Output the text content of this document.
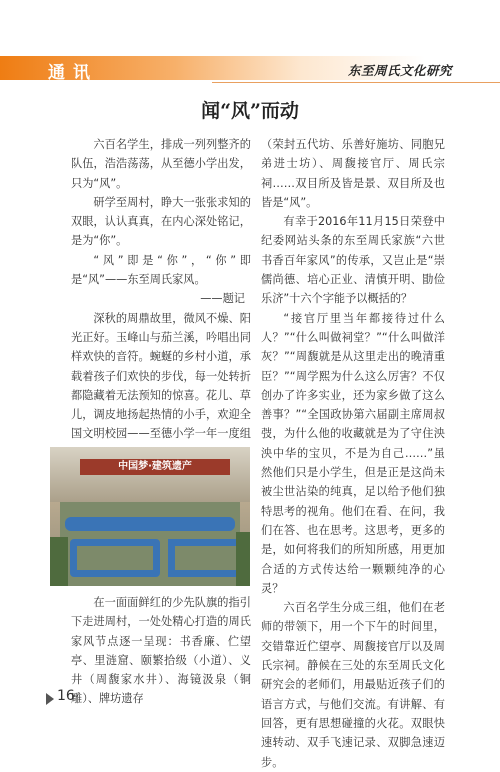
通讯	东至周氏文化研究
闻“风”而动

六百名学生，排成一列列整齐的队伍，浩浩荡荡，从至德小学出发，只为“风”。

研学至周村，睁大一张张求知的双眼，认认真真，在内心深处铭记，是为“你”。

“风”即是“你”，“你”即是“风”——东至周氏家风。

——题记

深秋的周鼎故里，微风不燥、阳光正好。玉峰山与茄兰溪，吟唱出同样欢快的音符。蜿蜒的乡村小道，承载着孩子们欢快的步伐，每一处转折都隐藏着无法预知的惊喜。花儿、草儿，调皮地扬起热情的小手，欢迎全国文明校园——至德小学一年一度组

中国梦·建筑遗产

在一面面鲜红的少先队旗的指引下走进周村，一处处精心打造的周氏家风节点逐一呈现：书香廉、伫望亭、里涟窟、颐繁拾级（小道）、义井（周馥家水井）、海镜汲泉（铜雕）、牌坊遗存

（荣封五代坊、乐善好施坊、同胞兄弟进士坊）、周馥接官厅、周氏宗祠……双目所及皆是景、双目所及也皆是“风”。

有幸于2016年11月15日荣登中纪委网站头条的东至周氏家族“六世书香百年家风”的传承，又岂止是“崇儒尚德、培心正业、清慎开明、勖俭乐济”十六个字能予以概括的？

“接官厅里当年都接待过什么人？”“什么叫做祠堂？”“什么叫做洋灰？”“周馥就是从这里走出的晚清重臣？”“周学熙为什么这么厉害？不仅创办了许多实业，还为家乡做了这么善事？”“全国政协第六届副主席周叔弢，为什么他的收藏就是为了守住泱泱中华的宝贝，不是为自己……”虽然他们只是小学生，但是正是这尚未被尘世沾染的纯真，足以给予他们独特思考的视角。他们在看、在问，我们在答、也在思考。这思考，更多的是，如何将我们的所知所感，用更加合适的方式传达给一颗颗纯净的心灵？

六百名学生分成三组，他们在老师的带领下，用一个下午的时间里，交错靠近伫望亭、周馥接官厅以及周氏宗祠。静候在三处的东至周氏文化研究会的老师们，用最贴近孩子们的语言方式，与他们交流。有讲解、有回答，更有思想碰撞的火花。双眼快速转动、双手飞速记录、双脚急速迈步。

16
